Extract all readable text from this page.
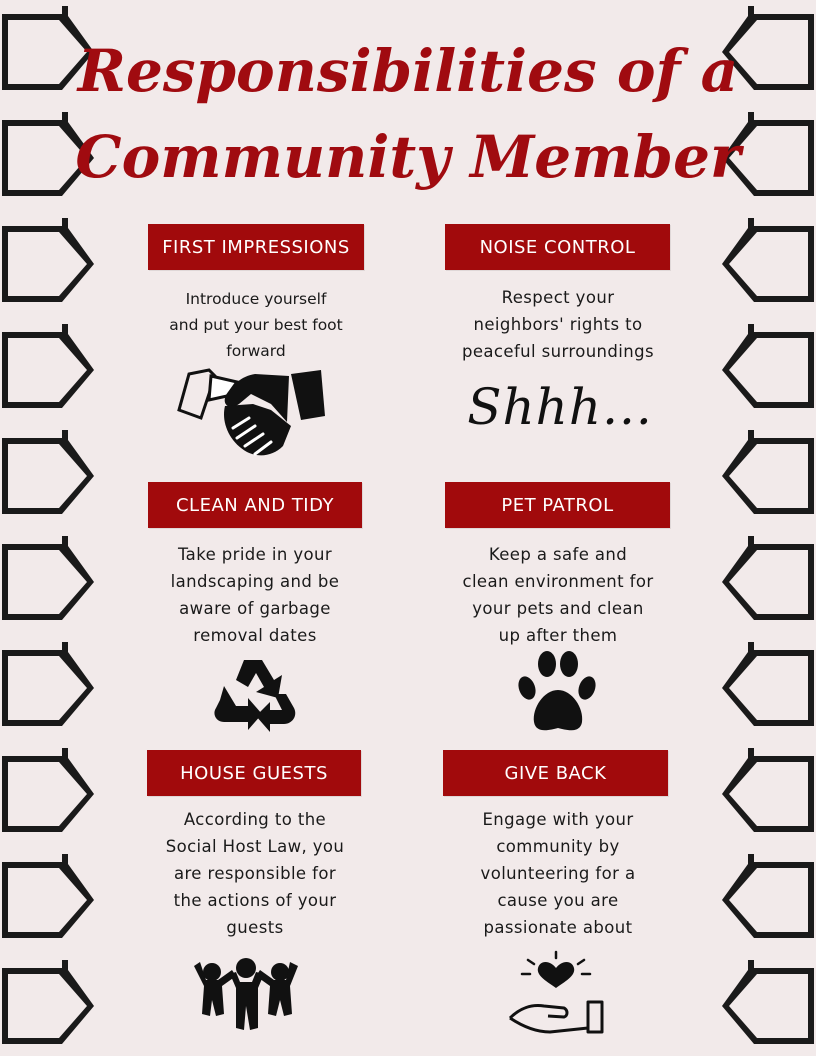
Responsibilities of a
Community Member
FIRST IMPRESSIONS

Introduce yourself
and put your best foot
forward

NOISE CONTROL

Respect your
neighbors' rights to
peaceful surroundings

Shhh...
CLEAN AND TIDY

Take pride in your
landscaping and be
aware of garbage
removal dates

PET PATROL

Keep a safe and
clean environment for
your pets and clean
up after them

HOUSE GUESTS

According to the
Social Host Law, you
are responsible for
the actions of your
guests

GIVE BACK

Engage with your
community by
volunteering for a
cause you are
passionate about
